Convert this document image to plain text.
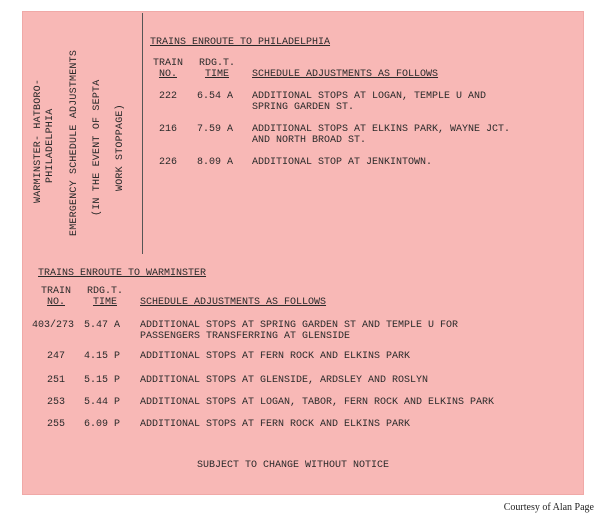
WARMINSTER- HATBORO- PHILADELPHIA EMERGENCY SCHEDULE ADJUSTMENTS (IN THE EVENT OF SEPTA WORK STOPPAGE)
TRAINS ENROUTE TO PHILADELPHIA
TRAIN
NO.
RDG.T.
TIME	SCHEDULE ADJUSTMENTS AS FOLLOWS
222 6.54 A ADDITIONAL STOPS AT LOGAN, TEMPLE U AND
SPRING GARDEN ST.
216 7.59 A ADDITIONAL STOPS AT ELKINS PARK, WAYNE JCT.
AND NORTH BROAD ST.
226 8.09 A ADDITIONAL STOP AT JENKINTOWN.
TRAINS ENROUTE TO WARMINSTER
TRAIN
NO.
RDG.T.
TIME	SCHEDULE ADJUSTMENTS AS FOLLOWS
403/273 5.47 A ADDITIONAL STOPS AT SPRING GARDEN ST AND TEMPLE U FOR
PASSENGERS TRANSFERRING AT GLENSIDE
247 4.15 P ADDITIONAL STOPS AT FERN ROCK AND ELKINS PARK
251 5.15 P ADDITIONAL STOPS AT GLENSIDE, ARDSLEY AND ROSLYN
253 5.44 P ADDITIONAL STOPS AT LOGAN, TABOR, FERN ROCK AND ELKINS PARK
255 6.09 P ADDITIONAL STOPS AT FERN ROCK AND ELKINS PARK
SUBJECT TO CHANGE WITHOUT NOTICE
Courtesy of Alan Page
